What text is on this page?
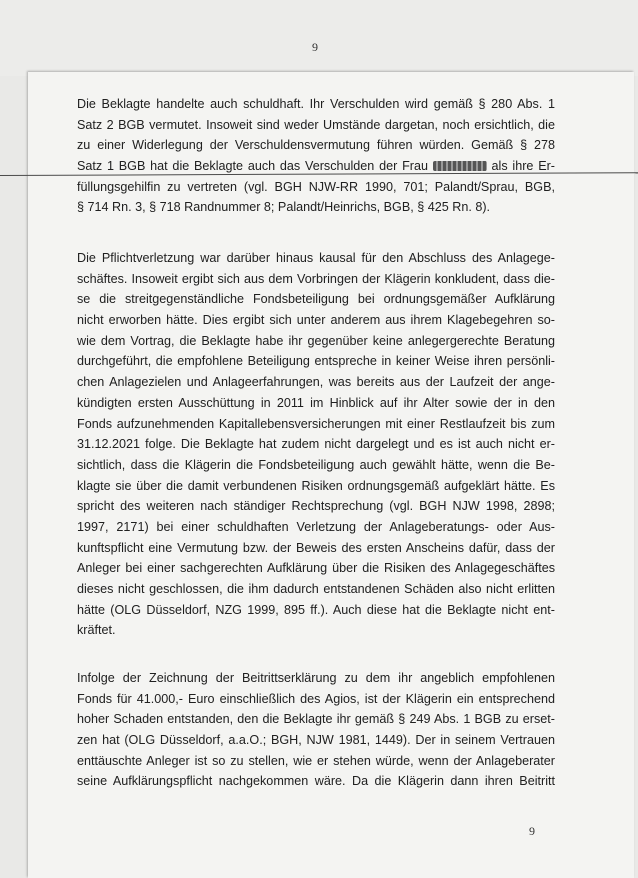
9
Die Beklagte handelte auch schuldhaft. Ihr Verschulden wird gemäß § 280 Abs. 1
Satz 2 BGB vermutet. Insoweit sind weder Umstände dargetan, noch ersichtlich, die
zu einer Widerlegung der Verschuldensvermutung führen würden. Gemäß § 278
Satz 1 BGB hat die Beklagte auch das Verschulden der Frau	als ihre Er-
füllungsgehilfin zu vertreten (vgl. BGH NJW-RR 1990, 701; Palandt/Sprau, BGB,
§ 714 Rn. 3, § 718 Randnummer 8; Palandt/Heinrichs, BGB, § 425 Rn. 8).
Die Pflichtverletzung war darüber hinaus kausal für den Abschluss des Anlagege-
schäftes. Insoweit ergibt sich aus dem Vorbringen der Klägerin konkludent, dass die-
se die streitgegenständliche Fondsbeteiligung bei ordnungsgemäßer Aufklärung
nicht erworben hätte. Dies ergibt sich unter anderem aus ihrem Klagebegehren so-
wie dem Vortrag, die Beklagte habe ihr gegenüber keine anlegergerechte Beratung
durchgeführt, die empfohlene Beteiligung entspreche in keiner Weise ihren persönli-
chen Anlagezielen und Anlageerfahrungen, was bereits aus der Laufzeit der ange-
kündigten ersten Ausschüttung in 2011 im Hinblick auf ihr Alter sowie der in den
Fonds aufzunehmenden Kapitallebensversicherungen mit einer Restlaufzeit bis zum
31.12.2021 folge. Die Beklagte hat zudem nicht dargelegt und es ist auch nicht er-
sichtlich, dass die Klägerin die Fondsbeteiligung auch gewählt hätte, wenn die Be-
klagte sie über die damit verbundenen Risiken ordnungsgemäß aufgeklärt hätte. Es
spricht des weiteren nach ständiger Rechtsprechung (vgl. BGH NJW 1998, 2898;
1997, 2171) bei einer schuldhaften Verletzung der Anlageberatungs- oder Aus-
kunftspflicht eine Vermutung bzw. der Beweis des ersten Anscheins dafür, dass der
Anleger bei einer sachgerechten Aufklärung über die Risiken des Anlagegeschäftes
dieses nicht geschlossen, die ihm dadurch entstandenen Schäden also nicht erlitten
hätte (OLG Düsseldorf, NZG 1999, 895 ff.). Auch diese hat die Beklagte nicht ent-
kräftet.
Infolge der Zeichnung der Beitrittserklärung zu dem ihr angeblich empfohlenen
Fonds für 41.000,- Euro einschließlich des Agios, ist der Klägerin ein entsprechend
hoher Schaden entstanden, den die Beklagte ihr gemäß § 249 Abs. 1 BGB zu erset-
zen hat (OLG Düsseldorf, a.a.O.; BGH, NJW 1981, 1449). Der in seinem Vertrauen
enttäuschte Anleger ist so zu stellen, wie er stehen würde, wenn der Anlageberater
seine Aufklärungspflicht nachgekommen wäre. Da die Klägerin dann ihren Beitritt
9
